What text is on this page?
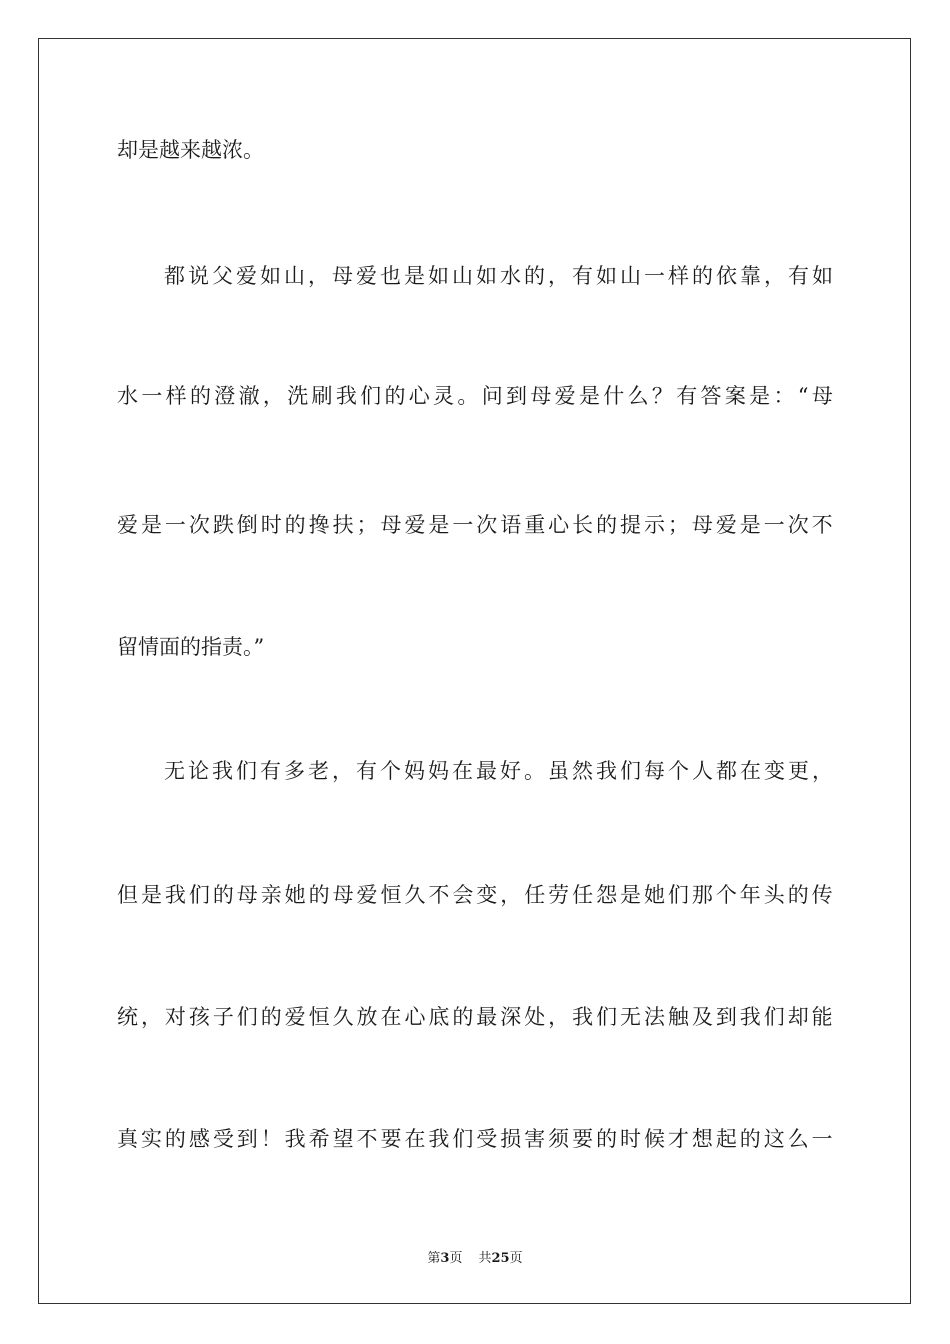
却是越来越浓。
都 说 父 爱 如 山 ， 母 爱 也 是 如 山 如 水 的 ， 有 如 山 一 样 的 依 靠 ， 有 如
水 一 样 的 澄 澈 ， 洗 刷 我 们 的 心 灵 。 问 到 母 爱 是 什 么 ？ 有 答 案 是 ： “ 母
爱 是 一 次 跌 倒 时 的 搀 扶 ； 母 爱 是 一 次 语 重 心 长 的 提 示 ； 母 爱 是 一 次 不
留情面的指责。”
无 论 我 们 有 多 老 ， 有 个 妈 妈 在 最 好 。 虽 然 我 们 每 个 人 都 在 变 更 ，
但 是 我 们 的 母 亲 她 的 母 爱 恒 久 不 会 变 ， 任 劳 任 怨 是 她 们 那 个 年 头 的 传
统 ， 对 孩 子 们 的 爱 恒 久 放 在 心 底 的 最 深 处 ， 我 们 无 法 触 及 到 我 们 却 能
真 实 的 感 受 到 ！ 我 希 望 不 要 在 我 们 受 损 害 须 要 的 时 候 才 想 起 的 这 么 一
第3页 共25页
